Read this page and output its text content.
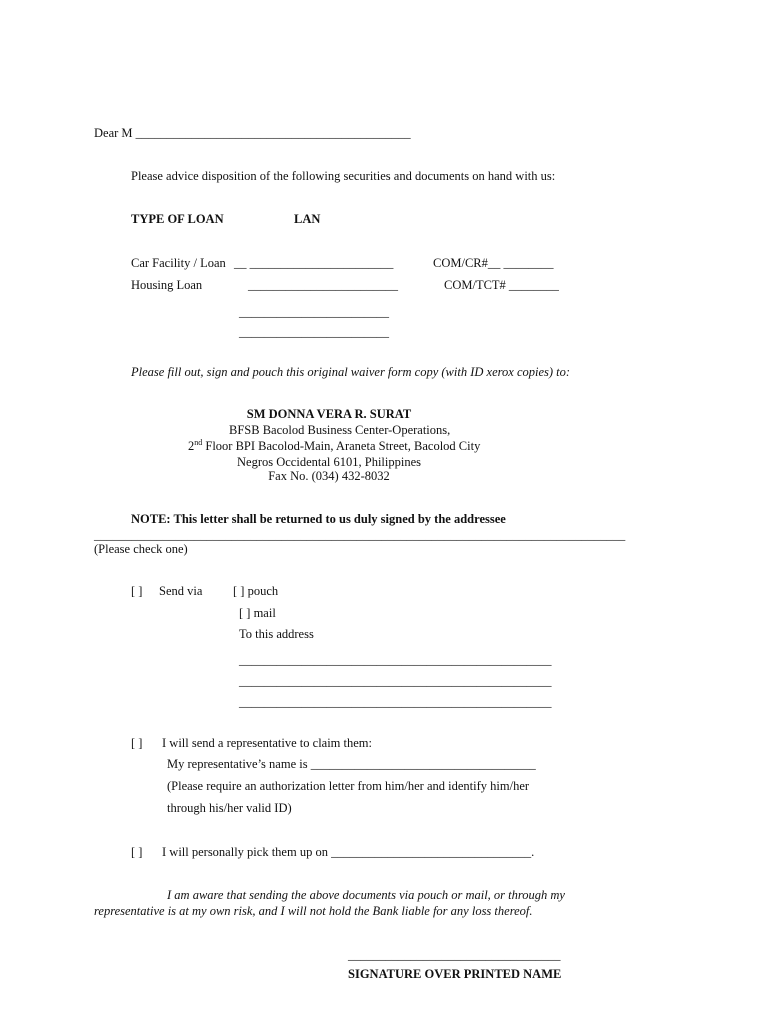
Dear M ____________________________________________
Please advice disposition of the following securities and documents on hand with us:
TYPE OF LOAN	LAN
Car Facility / Loan __ _______________________	COM/CR#__ ________
Housing Loan	________________________	COM/TCT# ________
________________________
________________________
Please fill out, sign and pouch this original waiver form copy (with ID xerox copies) to:
SM DONNA VERA R. SURAT
BFSB Bacolod Business Center-Operations,
2nd Floor BPI Bacolod-Main, Araneta Street, Bacolod City
Negros Occidental 6101, Philippines
Fax No. (034) 432-8032
NOTE: This letter shall be returned to us duly signed by the addressee
_____________________________________________________________________________________
(Please check one)
[ ] Send via [ ] pouch
[ ] mail
To this address
__________________________________________________
__________________________________________________
__________________________________________________
[ ] I will send a representative to claim them:
My representative’s name is ____________________________________
(Please require an authorization letter from him/her and identify him/her
through his/her valid ID)
[ ] I will personally pick them up on ________________________________.
I am aware that sending the above documents via pouch or mail, or through my
representative is at my own risk, and I will not hold the Bank liable for any loss thereof.
__________________________________
SIGNATURE OVER PRINTED NAME
